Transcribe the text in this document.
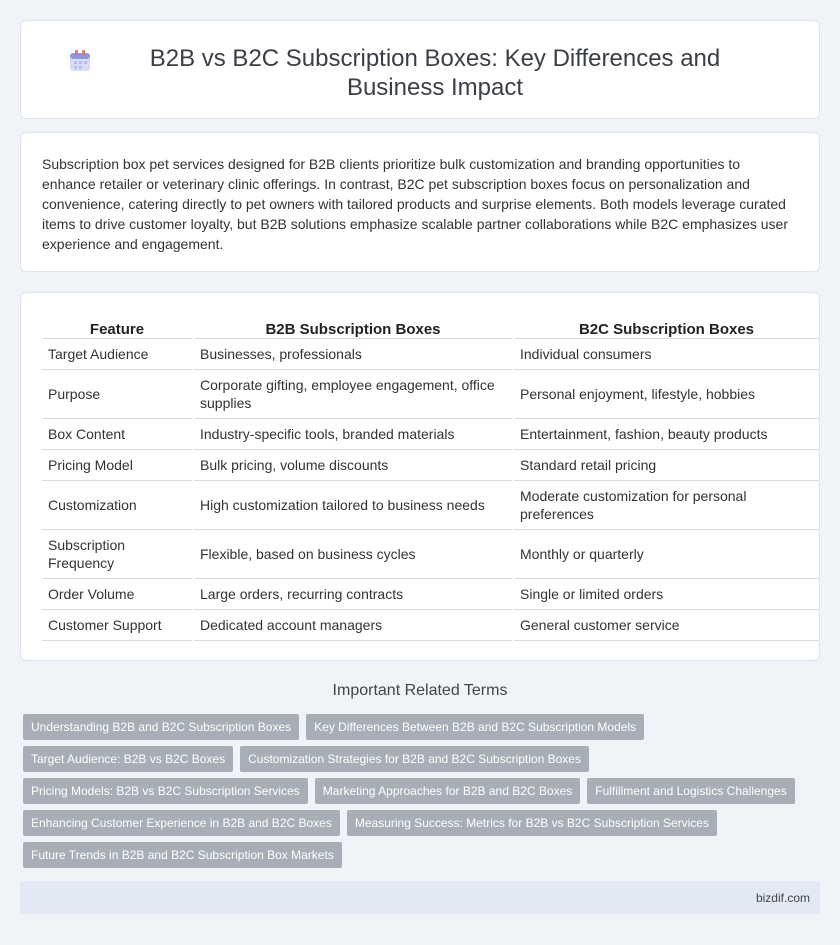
B2B vs B2C Subscription Boxes: Key Differences and Business Impact

Subscription box pet services designed for B2B clients prioritize bulk customization and branding opportunities to enhance retailer or veterinary clinic offerings. In contrast, B2C pet subscription boxes focus on personalization and convenience, catering directly to pet owners with tailored products and surprise elements. Both models leverage curated items to drive customer loyalty, but B2B solutions emphasize scalable partner collaborations while B2C emphasizes user experience and engagement.

Feature	B2B Subscription Boxes	B2C Subscription Boxes
Target Audience	Businesses, professionals	Individual consumers
Purpose	Corporate gifting, employee engagement, office supplies	Personal enjoyment, lifestyle, hobbies
Box Content	Industry-specific tools, branded materials	Entertainment, fashion, beauty products
Pricing Model	Bulk pricing, volume discounts	Standard retail pricing
Customization	High customization tailored to business needs	Moderate customization for personal preferences
Subscription Frequency	Flexible, based on business cycles	Monthly or quarterly
Order Volume	Large orders, recurring contracts	Single or limited orders
Customer Support	Dedicated account managers	General customer service
Important Related Terms
Understanding B2B and B2C Subscription Boxes	Key Differences Between B2B and B2C Subscription Models
Target Audience: B2B vs B2C Boxes	Customization Strategies for B2B and B2C Subscription Boxes
Pricing Models: B2B vs B2C Subscription Services	Marketing Approaches for B2B and B2C Boxes	Fulfillment and Logistics Challenges
Enhancing Customer Experience in B2B and B2C Boxes	Measuring Success: Metrics for B2B vs B2C Subscription Services
Future Trends in B2B and B2C Subscription Box Markets
bizdif.com
